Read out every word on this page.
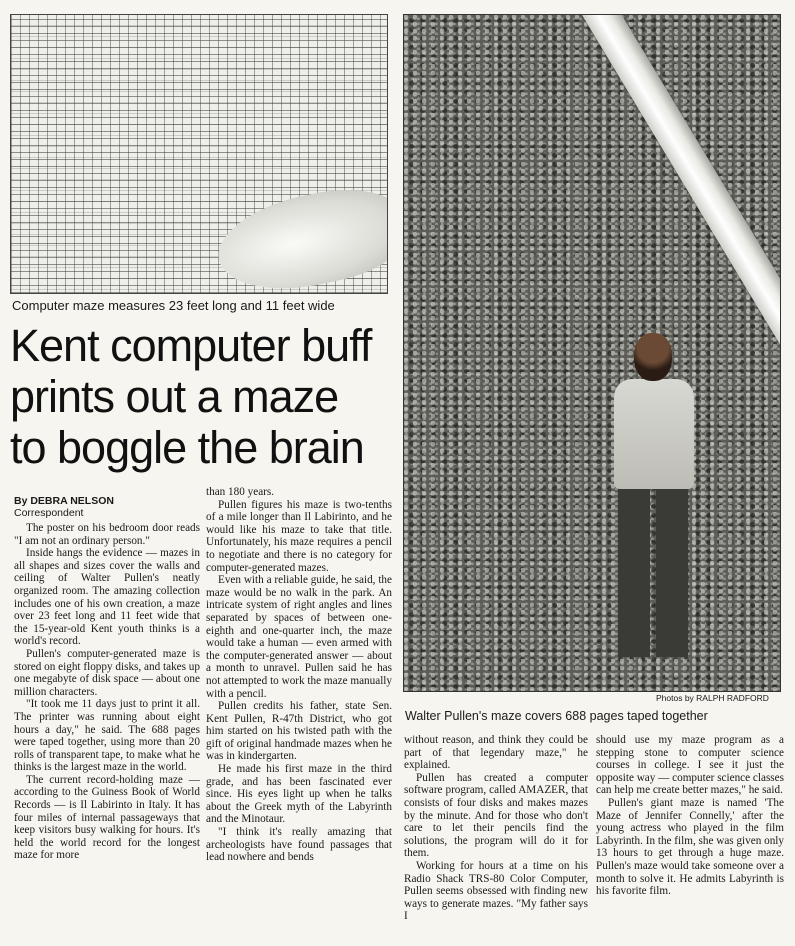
Computer maze measures 23 feet long and 11 feet wide
Kent computer buff
prints out a maze
to boggle the brain
By DEBRA NELSON
Correspondent

The poster on his bedroom door reads "I am not an ordinary person."

Inside hangs the evidence — mazes in all shapes and sizes cover the walls and ceiling of Walter Pullen's neatly organized room. The amazing collection includes one of his own creation, a maze over 23 feet long and 11 feet wide that the 15-year-old Kent youth thinks is a world's record.

Pullen's computer-generated maze is stored on eight floppy disks, and takes up one megabyte of disk space — about one million characters.

"It took me 11 days just to print it all. The printer was running about eight hours a day," he said. The 688 pages were taped together, using more than 20 rolls of transparent tape, to make what he thinks is the largest maze in the world.

The current record-holding maze — according to the Guiness Book of World Records — is Il Labirinto in Italy. It has four miles of internal passageways that keep visitors busy walking for hours. It's held the world record for the longest maze for more

than 180 years.

Pullen figures his maze is two-tenths of a mile longer than Il Labirinto, and he would like his maze to take that title. Unfortunately, his maze requires a pencil to negotiate and there is no category for computer-generated mazes.

Even with a reliable guide, he said, the maze would be no walk in the park. An intricate system of right angles and lines separated by spaces of between one-eighth and one-quarter inch, the maze would take a human — even armed with the computer-generated answer — about a month to unravel. Pullen said he has not attempted to work the maze manually with a pencil.

Pullen credits his father, state Sen. Kent Pullen, R-47th District, who got him started on his twisted path with the gift of original handmade mazes when he was in kindergarten.

He made his first maze in the third grade, and has been fascinated ever since. His eyes light up when he talks about the Greek myth of the Labyrinth and the Minotaur.

"I think it's really amazing that archeologists have found passages that lead nowhere and bends

Photos by RALPH RADFORD
Walter Pullen's maze covers 688 pages taped together

without reason, and think they could be part of that legendary maze," he explained.

Pullen has created a computer software program, called AMAZER, that consists of four disks and makes mazes by the minute. And for those who don't care to let their pencils find the solutions, the program will do it for them.

Working for hours at a time on his Radio Shack TRS-80 Color Computer, Pullen seems obsessed with finding new ways to generate mazes. "My father says I

should use my maze program as a stepping stone to computer science courses in college. I see it just the opposite way — computer science classes can help me create better mazes," he said.

Pullen's giant maze is named 'The Maze of Jennifer Connelly,' after the young actress who played in the film Labyrinth. In the film, she was given only 13 hours to get through a huge maze. Pullen's maze would take someone over a month to solve it. He admits Labyrinth is his favorite film.
